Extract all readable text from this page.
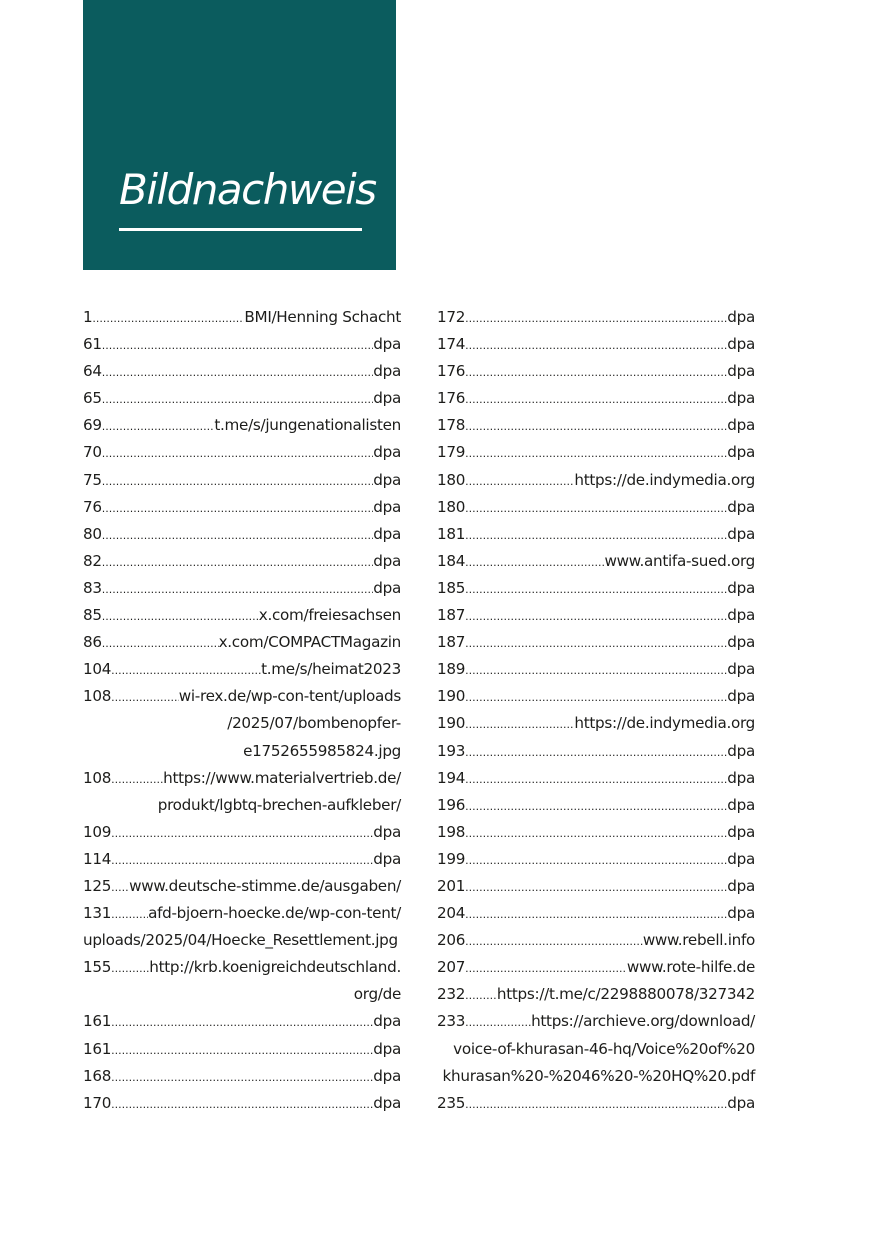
Bildnachweis
1 .....	BMI/Henning Schacht
61 .....	dpa
64 .....	dpa
65 .....	dpa
69 .....	t.me/s/jungenationalisten
70 .....	dpa
75 .....	dpa
76 .....	dpa
80 .....	dpa
82 .....	dpa
83 .....	dpa
85 .....	x.com/freiesachsen
86 .....	x.com/COMPACTMagazin
104 .....	t.me/s/heimat2023
108 .....	wi-rex.de/wp-con-tent/uploads
/2025/07/bombenopfer-
e1752655985824.jpg
108 .....	https://www.materialvertrieb.de/
produkt/lgbtq-brechen-aufkleber/
109 .....	dpa
114 .....	dpa
125 ..... www.deutsche-stimme.de/ausgaben/
131 ..... afd-bjoern-hoecke.de/wp-con-tent/
uploads/2025/04/Hoecke_Resettlement.jpg
155 .....	http://krb.koenigreichdeutschland.
org/de
161 .....	dpa
161 .....	dpa
168 .....	dpa
170 .....	dpa
172 .....	dpa
174 .....	dpa
176 .....	dpa
176 .....	dpa
178 .....	dpa
179 .....	dpa
180 .....	https://de.indymedia.org
180 .....	dpa
181 .....	dpa
184 .....	www.antifa-sued.org
185 .....	dpa
187 .....	dpa
187 .....	dpa
189 .....	dpa
190 .....	dpa
190 .....	https://de.indymedia.org
193 .....	dpa
194 .....	dpa
196 .....	dpa
198 .....	dpa
199 .....	dpa
201 .....	dpa
204 .....	dpa
206 .....	www.rebell.info
207 .....	www.rote-hilfe.de
232 ..... https://t.me/c/2298880078/327342
233 .....	https://archieve.org/download/
voice-of-khurasan-46-hq/Voice%20of%20
khurasan%20-%2046%20-%20HQ%20.pdf
235 .....	dpa
